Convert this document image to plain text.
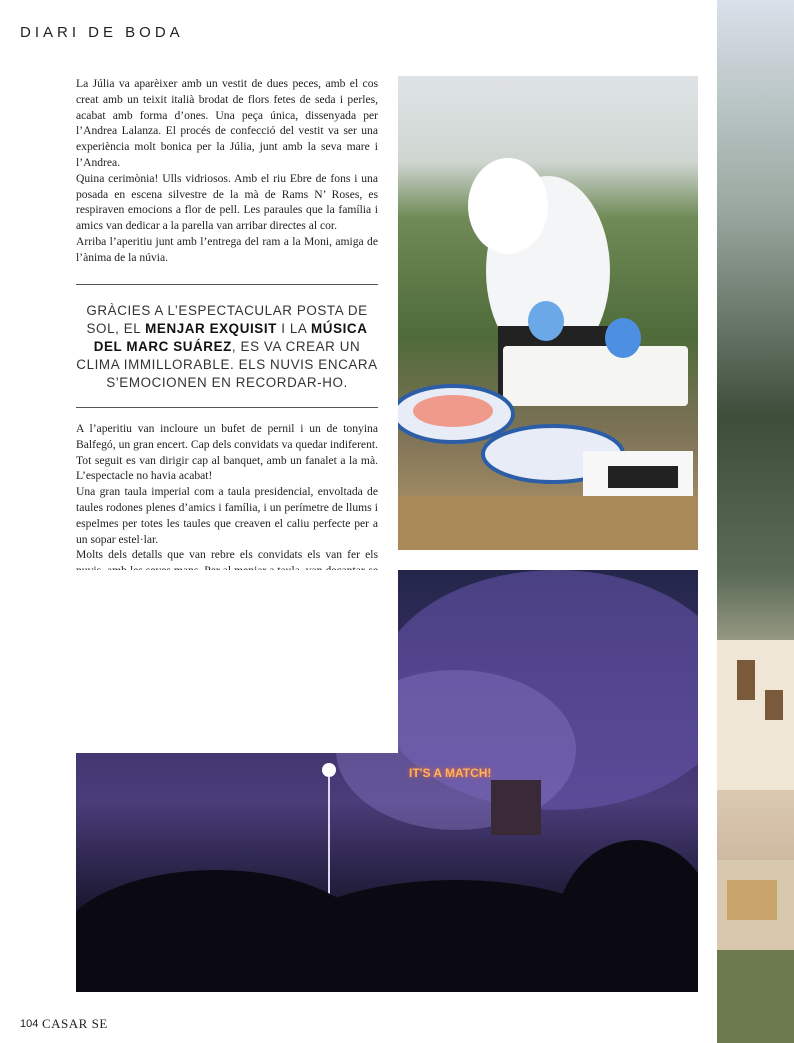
DIARI DE BODA

La Júlia va aparèixer amb un vestit de dues peces, amb el cos creat amb un teixit italià brodat de flors fetes de seda i perles, acabat amb forma d’ones. Una peça única, dissenyada per l’Andrea Lalanza. El procés de confecció del vestit va ser una experiència molt bonica per la Júlia, junt amb la seva mare i l’Andrea.

Quina cerimònia! Ulls vidriosos. Amb el riu Ebre de fons i una posada en escena silvestre de la mà de Rams N’ Roses, es respiraven emocions a flor de pell. Les paraules que la família i amics van dedicar a la parella van arribar directes al cor.

Arriba l’aperitiu junt amb l’entrega del ram a la Moni, amiga de l’ànima de la núvia.

GRÀCIES A L’ESPECTACULAR POSTA DE SOL, EL MENJAR EXQUISIT I LA MÚSICA DEL MARC SUÁREZ, ES VA CREAR UN CLIMA IMMILLORABLE. ELS NUVIS ENCARA S’EMOCIONEN EN RECORDAR-HO.

A l’aperitiu van incloure un bufet de pernil i un de tonyina Balfegó, un gran encert. Cap dels convidats va quedar indiferent. Tot seguit es van dirigir cap al banquet, amb un fanalet a la mà. L’espectacle no havia acabat!

Una gran taula imperial com a taula presidencial, envoltada de taules rodones plenes d’amics i família, i un perímetre de llums i espelmes per totes les taules que creaven el caliu perfecte per a un sopar estel·lar.

Molts dels detalls que van rebre els convidats els van fer els

IT'S A MATCH!
104 CASAR SE
